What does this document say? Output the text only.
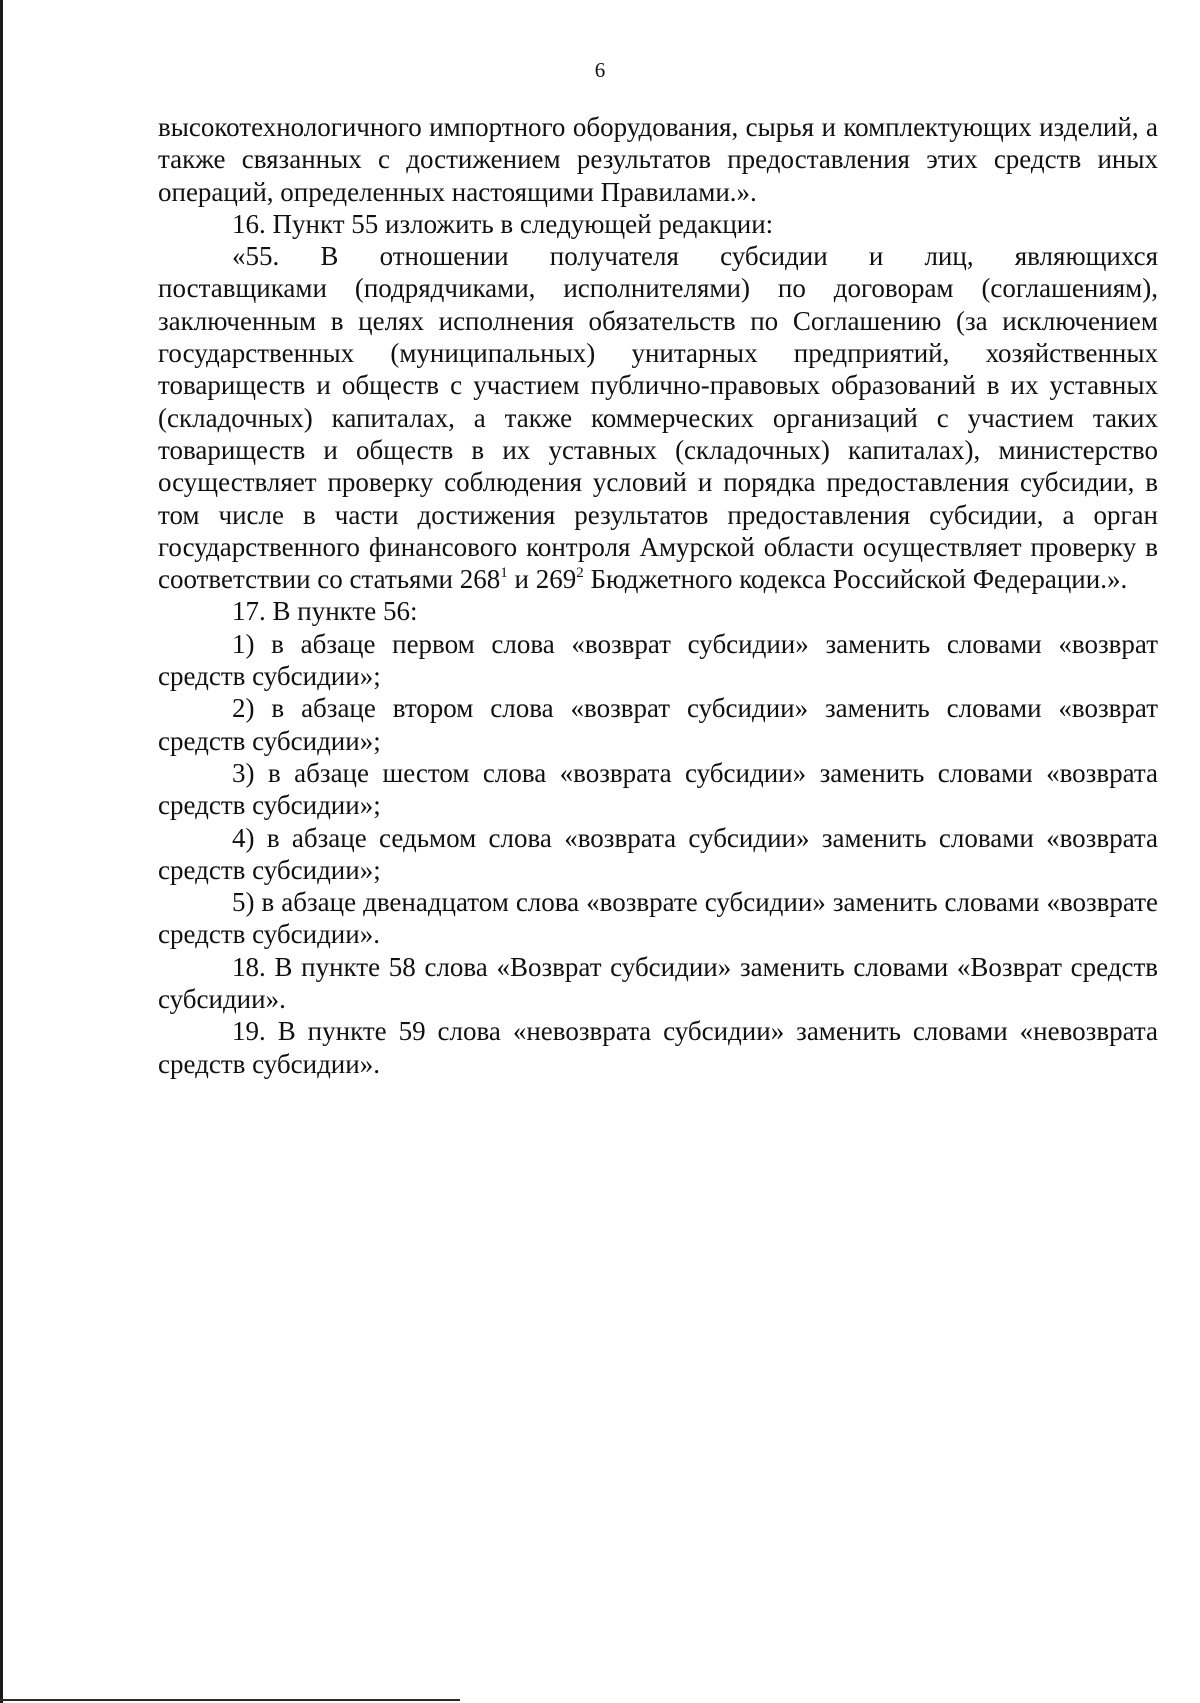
6

высокотехнологичного импортного оборудования, сырья и комплектующих изделий, а также связанных с достижением результатов предоставления этих средств иных операций, определенных настоящими Правилами.».

16. Пункт 55 изложить в следующей редакции:

«55. В отношении получателя субсидии и лиц, являющихся

поставщиками (подрядчиками, исполнителями) по договорам (соглашениям), заключенным в целях исполнения обязательств по Соглашению (за исключением государственных (муниципальных) унитарных предприятий, хозяйственных товариществ и обществ с участием публично-правовых образований в их уставных (складочных) капиталах, а также коммерческих организаций с участием таких товариществ и обществ в их уставных (складочных) капиталах), министерство осуществляет проверку соблюдения условий и порядка предоставления субсидии, в том числе в части достижения результатов предоставления субсидии, а орган государственного финансового контроля Амурской области осуществляет проверку в соответствии со статьями $268^1$ и $269^2$ Бюджетного кодекса Российской Федерации.».

17. В пункте 56:

1) в абзаце первом слова «возврат субсидии» заменить словами «возврат средств субсидии»;

2) в абзаце втором слова «возврат субсидии» заменить словами «возврат средств субсидии»;

3) в абзаце шестом слова «возврата субсидии» заменить словами «возврата средств субсидии»;

4) в абзаце седьмом слова «возврата субсидии» заменить словами «возврата средств субсидии»;

5) в абзаце двенадцатом слова «возврате субсидии» заменить словами «возврате средств субсидии».

18. В пункте 58 слова «Возврат субсидии» заменить словами «Возврат средств субсидии».

19. В пункте 59 слова «невозврата субсидии» заменить словами «невозврата средств субсидии».
